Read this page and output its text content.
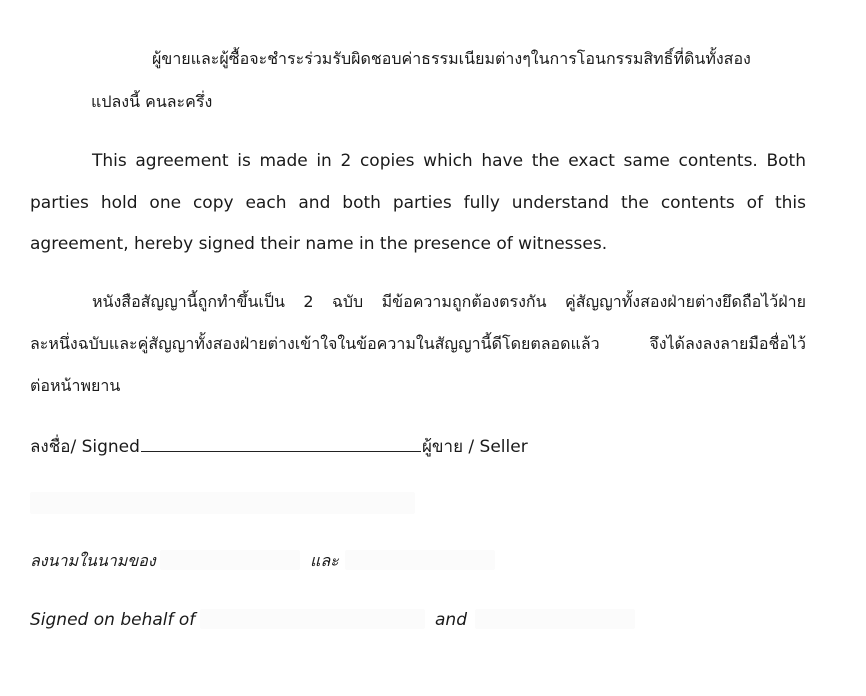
ผู้ขายและผู้ซื้อจะชำระร่วมรับผิดชอบค่าธรรมเนียมต่างๆในการโอนกรรมสิทธิ์ที่ดินทั้งสอง
แปลงนี้ คนละครึ่ง
This agreement is made in 2 copies which have the exact same contents. Both
parties hold one copy each and both parties fully understand the contents of this
agreement, hereby signed their name in the presence of witnesses.
หนังสือสัญญานี้ถูกทำขึ้นเป็น 2 ฉบับ มีข้อความถูกต้องตรงกัน คู่สัญญาทั้งสองฝ่ายต่างยึดถือไว้ฝ่าย
ละหนึ่งฉบับและคู่สัญญาทั้งสองฝ่ายต่างเข้าใจในข้อความในสัญญานี้ดีโดยตลอดแล้ว จึงได้ลงลงลายมือชื่อไว้
ต่อหน้าพยาน
ลงชื่อ/ Signed	ผู้ขาย / Seller
ลงนามในนามของ	และ
Signed on behalf of	and
